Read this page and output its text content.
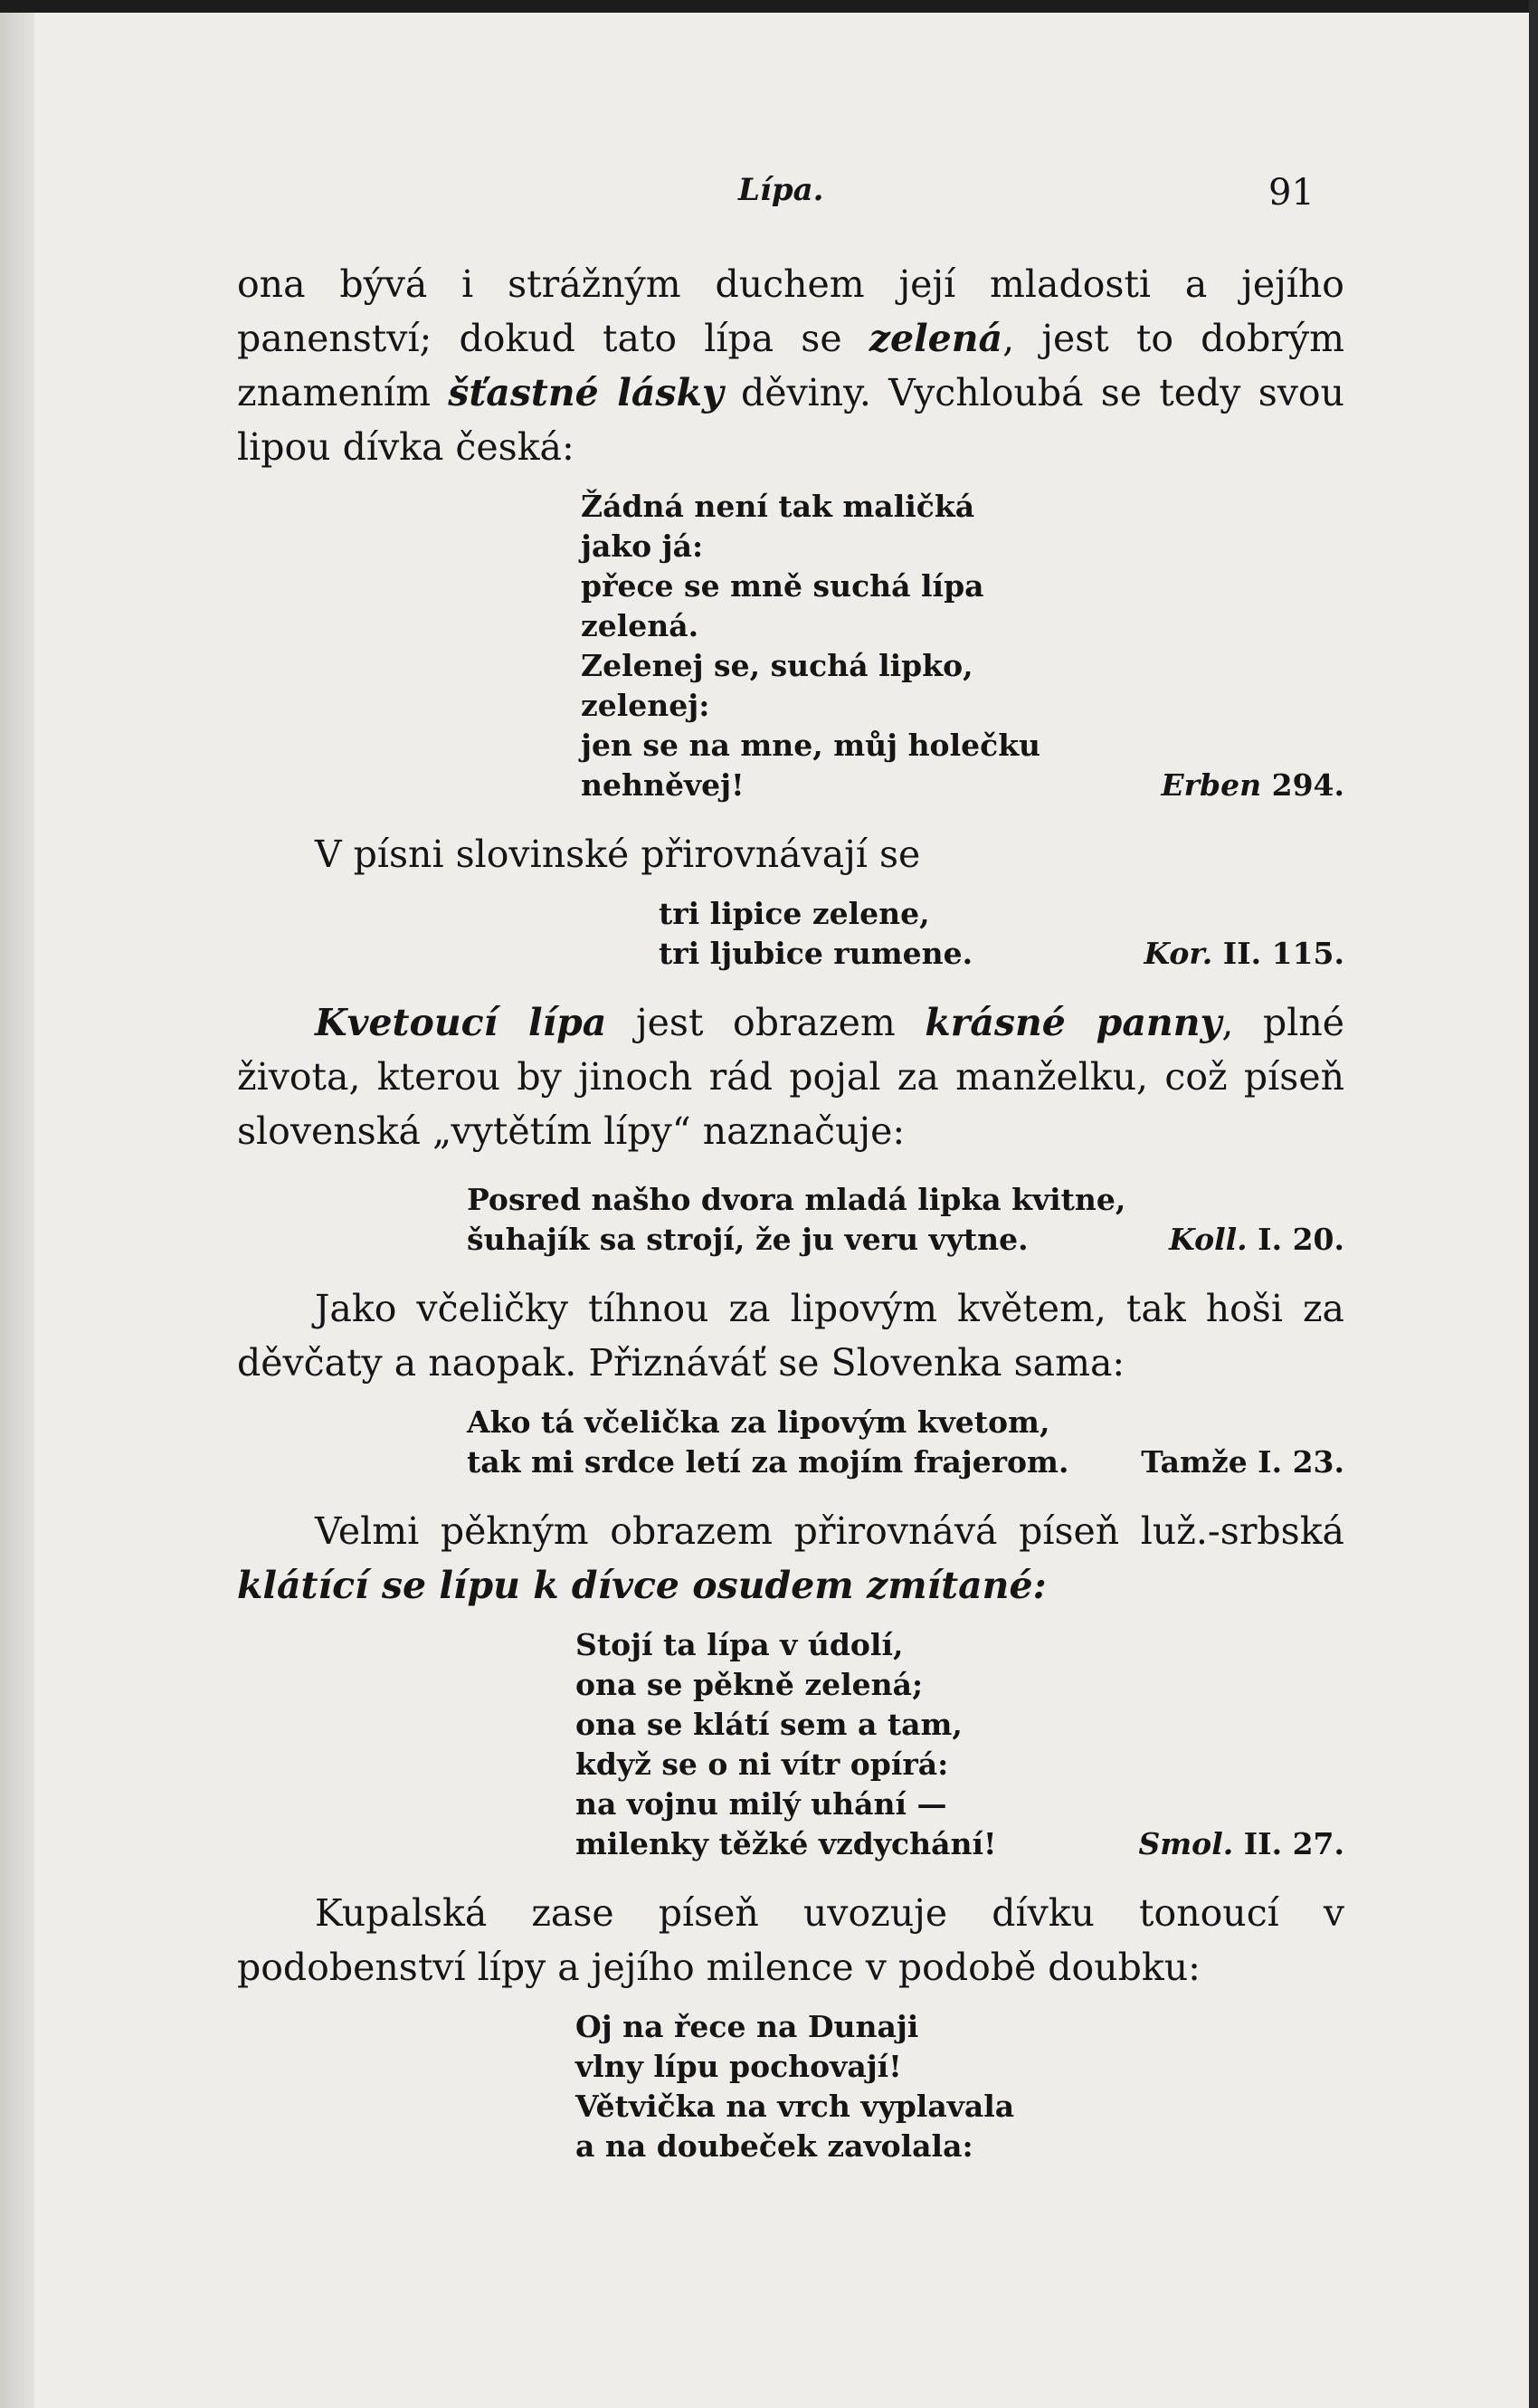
Lípa.	91

ona bývá i strážným duchem její mladosti a jejího panenství; dokud tato lípa se zelená, jest to dobrým znamením šťastné lásky děviny. Vychloubá se tedy svou lipou dívka česká:

Žádná není tak maličká
jako já:
přece se mně suchá lípa
zelená.
Zelenej se, suchá lipko,
zelenej:
jen se na mne, můj holečku
nehněvej!	Erben 294.

V písni slovinské přirovnávají se

tri lipice zelene,
tri ljubice rumene.	Kor. II. 115.

Kvetoucí lípa jest obrazem krásné panny, plné života, kterou by jinoch rád pojal za manželku, což píseň slovenská „vytětím lípy“ naznačuje:

Posred našho dvora mladá lipka kvitne,
šuhajík sa strojí, že ju veru vytne.	Koll. I. 20.

Jako včeličky tíhnou za lipovým květem, tak hoši za děvčaty a naopak. Přiznáváť se Slovenka sama:

Ako tá včelička za lipovým kvetom,
tak mi srdce letí za mojím frajerom.	Tamže I. 23.

Velmi pěkným obrazem přirovnává píseň luž.-srbská klátící se lípu k dívce osudem zmítané:

Stojí ta lípa v údolí,
ona se pěkně zelená;
ona se klátí sem a tam,
když se o ni vítr opírá:
na vojnu milý uhání —
milenky těžké vzdychání!	Smol. II. 27.

Kupalská zase píseň uvozuje dívku tonoucí v podobenství lípy a jejího milence v podobě doubku:

Oj na řece na Dunaji
vlny lípu pochovají!
Větvička na vrch vyplavala
a na doubeček zavolala:
